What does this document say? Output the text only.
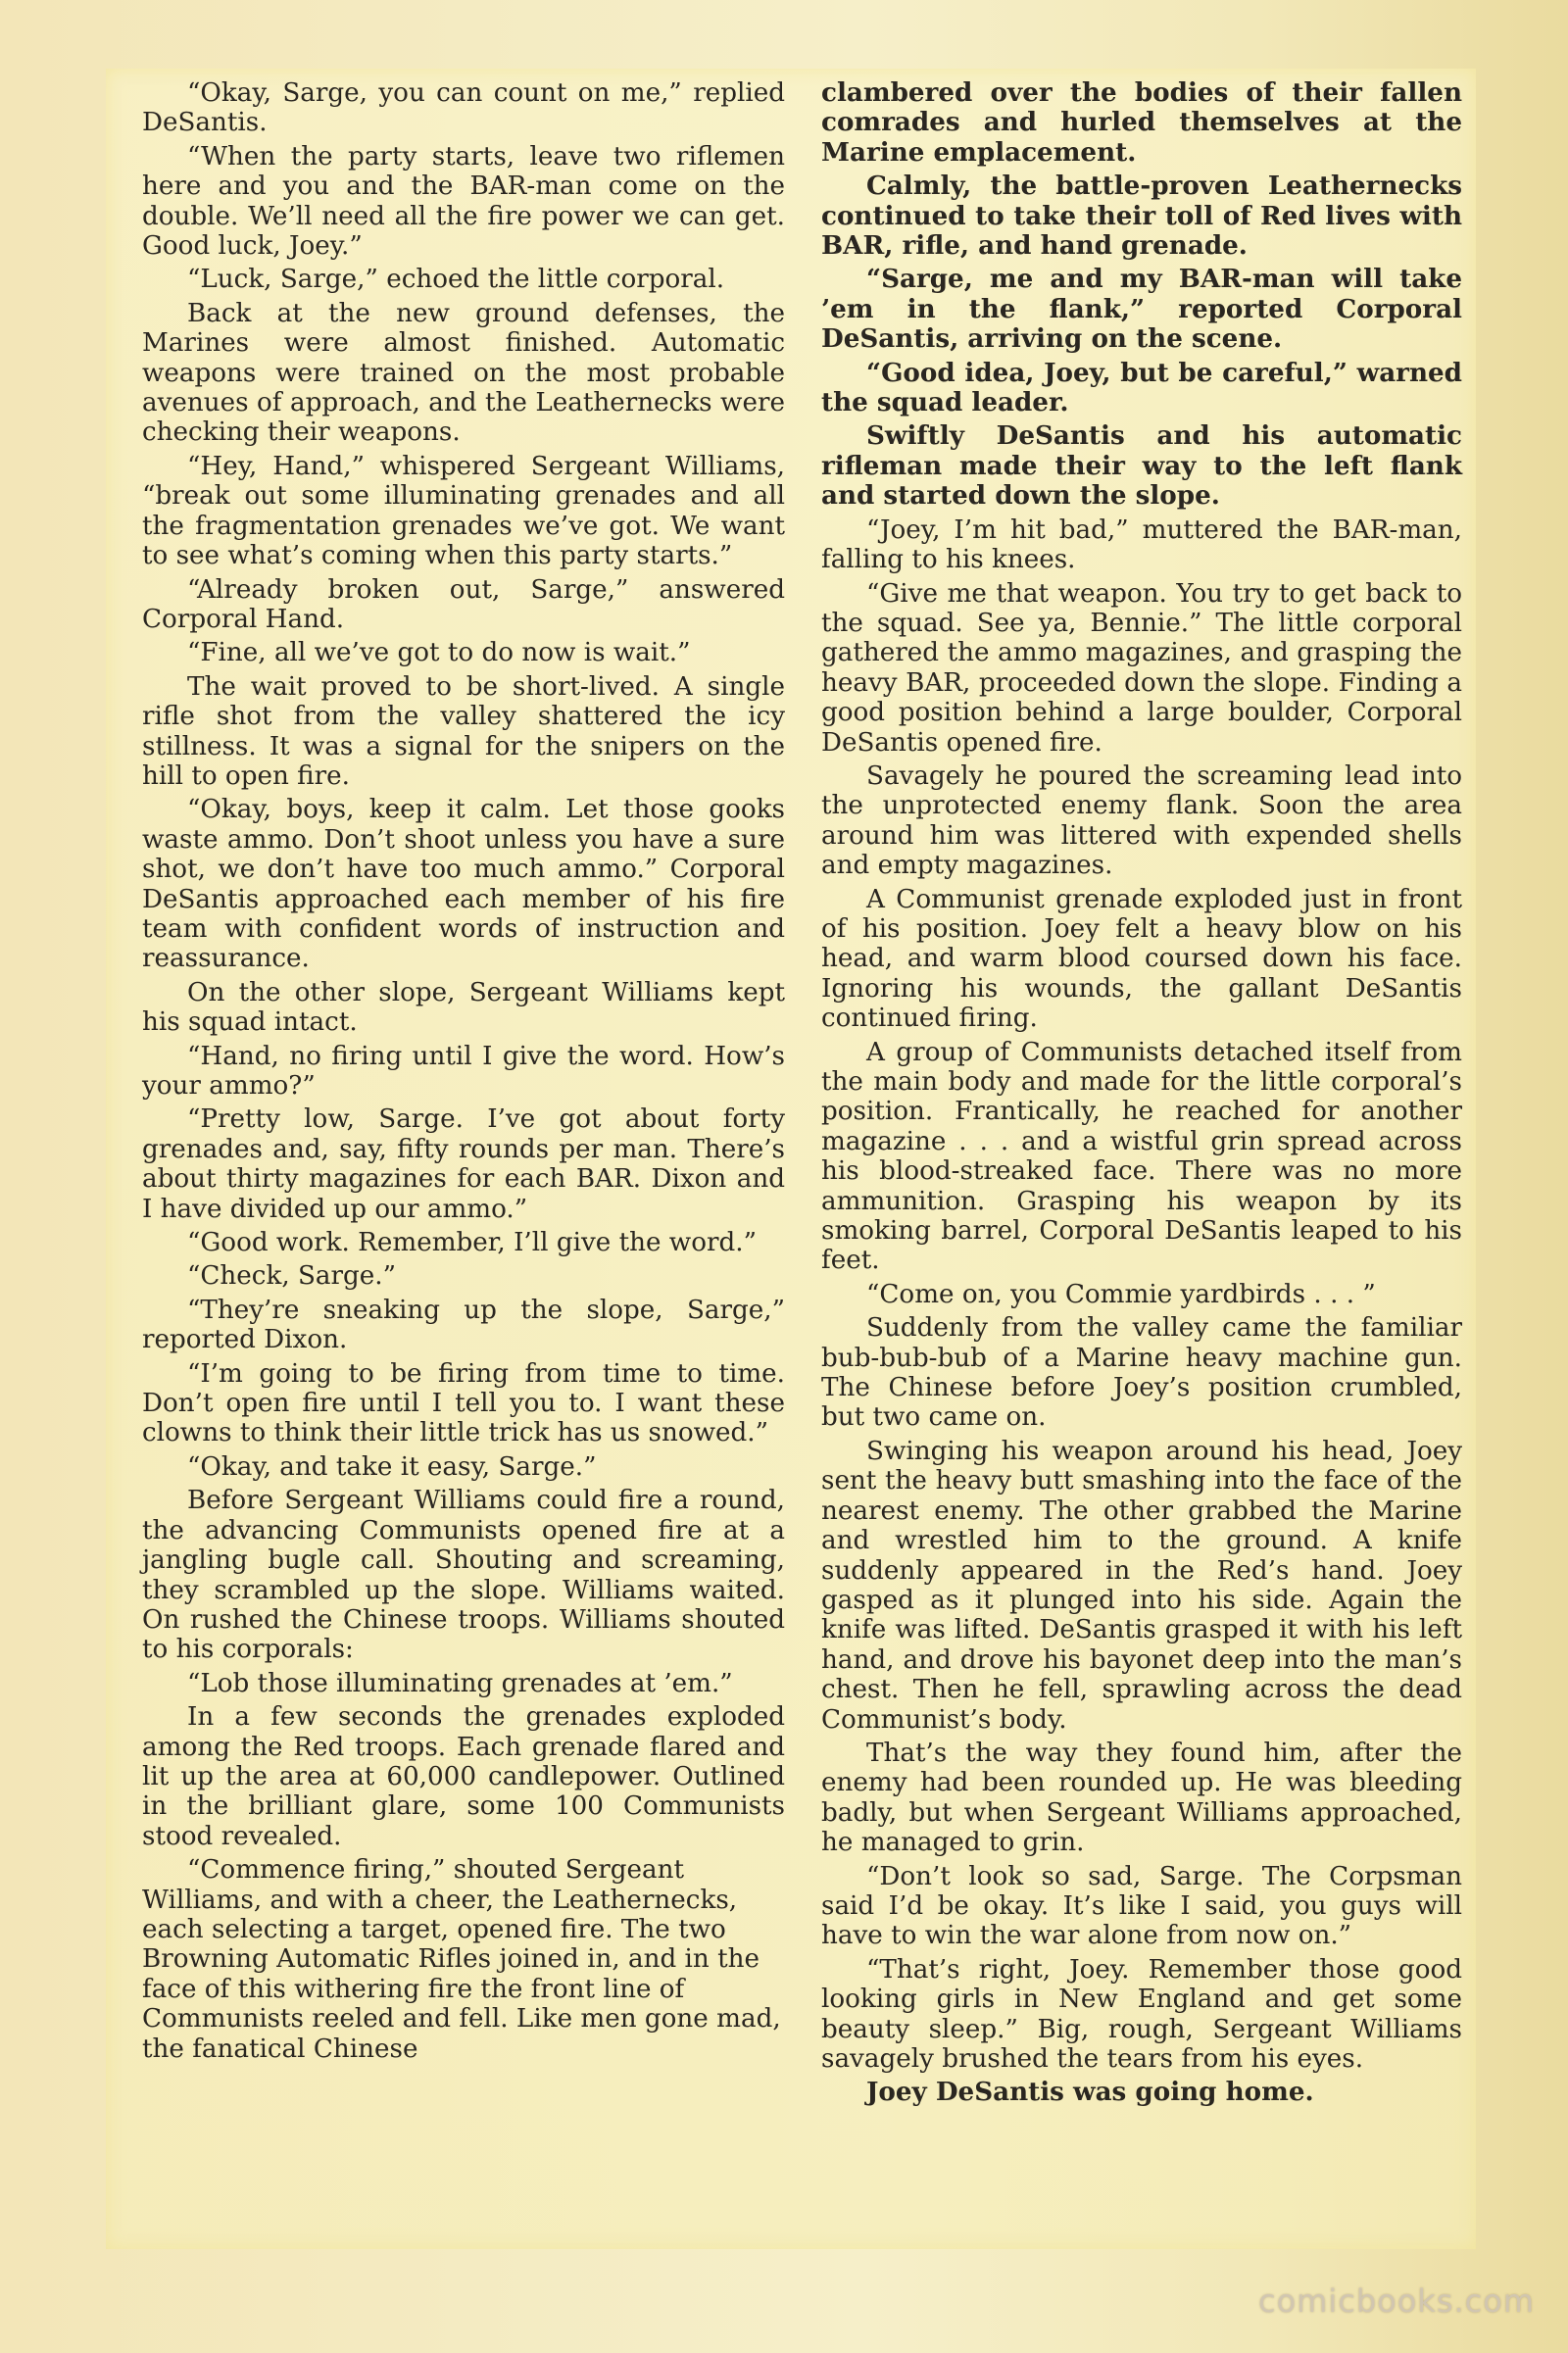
“Okay, Sarge, you can count on me,” replied DeSantis.

“When the party starts, leave two riflemen here and you and the BAR-man come on the double. We’ll need all the fire power we can get. Good luck, Joey.”

“Luck, Sarge,” echoed the little corporal.

Back at the new ground defenses, the Marines were almost finished. Automatic weapons were trained on the most probable avenues of approach, and the Leathernecks were checking their weapons.

“Hey, Hand,” whispered Sergeant Williams, “break out some illuminating grenades and all the fragmentation grenades we’ve got. We want to see what’s coming when this party starts.”

“Already broken out, Sarge,” answered Corporal Hand.

“Fine, all we’ve got to do now is wait.”

The wait proved to be short-lived. A single rifle shot from the valley shattered the icy stillness. It was a signal for the snipers on the hill to open fire.

“Okay, boys, keep it calm. Let those gooks waste ammo. Don’t shoot unless you have a sure shot, we don’t have too much ammo.” Corporal DeSantis approached each member of his fire team with confident words of instruction and reassurance.

On the other slope, Sergeant Williams kept his squad intact.

“Hand, no firing until I give the word. How’s your ammo?”

“Pretty low, Sarge. I’ve got about forty grenades and, say, fifty rounds per man. There’s about thirty magazines for each BAR. Dixon and I have divided up our ammo.”

“Good work. Remember, I’ll give the word.”

“Check, Sarge.”

“They’re sneaking up the slope, Sarge,” reported Dixon.

“I’m going to be firing from time to time. Don’t open fire until I tell you to. I want these clowns to think their little trick has us snowed.”

“Okay, and take it easy, Sarge.”

Before Sergeant Williams could fire a round, the advancing Communists opened fire at a jangling bugle call. Shouting and screaming, they scrambled up the slope. Williams waited. On rushed the Chinese troops. Williams shouted to his corporals:

“Lob those illuminating grenades at ’em.”

In a few seconds the grenades exploded among the Red troops. Each grenade flared and lit up the area at 60,000 candlepower. Outlined in the brilliant glare, some 100 Communists stood revealed.

“Commence firing,” shouted Sergeant Williams, and with a cheer, the Leathernecks, each selecting a target, opened fire. The two Browning Automatic Rifles joined in, and in the face of this withering fire the front line of Communists reeled and fell. Like men gone mad, the fanatical Chinese

clambered over the bodies of their fallen comrades and hurled themselves at the Marine emplacement.

Calmly, the battle-proven Leathernecks continued to take their toll of Red lives with BAR, rifle, and hand grenade.

“Sarge, me and my BAR-man will take ’em in the flank,” reported Corporal DeSantis, arriving on the scene.

“Good idea, Joey, but be careful,” warned the squad leader.

Swiftly DeSantis and his automatic rifleman made their way to the left flank and started down the slope.

“Joey, I’m hit bad,” muttered the BAR-man, falling to his knees.

“Give me that weapon. You try to get back to the squad. See ya, Bennie.” The little corporal gathered the ammo magazines, and grasping the heavy BAR, proceeded down the slope. Finding a good position behind a large boulder, Corporal DeSantis opened fire.

Savagely he poured the screaming lead into the unprotected enemy flank. Soon the area around him was littered with expended shells and empty magazines.

A Communist grenade exploded just in front of his position. Joey felt a heavy blow on his head, and warm blood coursed down his face. Ignoring his wounds, the gallant DeSantis continued firing.

A group of Communists detached itself from the main body and made for the little corporal’s position. Frantically, he reached for another magazine . . . and a wistful grin spread across his blood-streaked face. There was no more ammunition. Grasping his weapon by its smoking barrel, Corporal DeSantis leaped to his feet.

“Come on, you Commie yardbirds . . . ”

Suddenly from the valley came the familiar bub-bub-bub of a Marine heavy machine gun. The Chinese before Joey’s position crumbled, but two came on.

Swinging his weapon around his head, Joey sent the heavy butt smashing into the face of the nearest enemy. The other grabbed the Marine and wrestled him to the ground. A knife suddenly appeared in the Red’s hand. Joey gasped as it plunged into his side. Again the knife was lifted. DeSantis grasped it with his left hand, and drove his bayonet deep into the man’s chest. Then he fell, sprawling across the dead Communist’s body.

That’s the way they found him, after the enemy had been rounded up. He was bleeding badly, but when Sergeant Williams approached, he managed to grin.

“Don’t look so sad, Sarge. The Corpsman said I’d be okay. It’s like I said, you guys will have to win the war alone from now on.”

“That’s right, Joey. Remember those good looking girls in New England and get some beauty sleep.” Big, rough, Sergeant Williams savagely brushed the tears from his eyes.

Joey DeSantis was going home.

comicbooks.com
